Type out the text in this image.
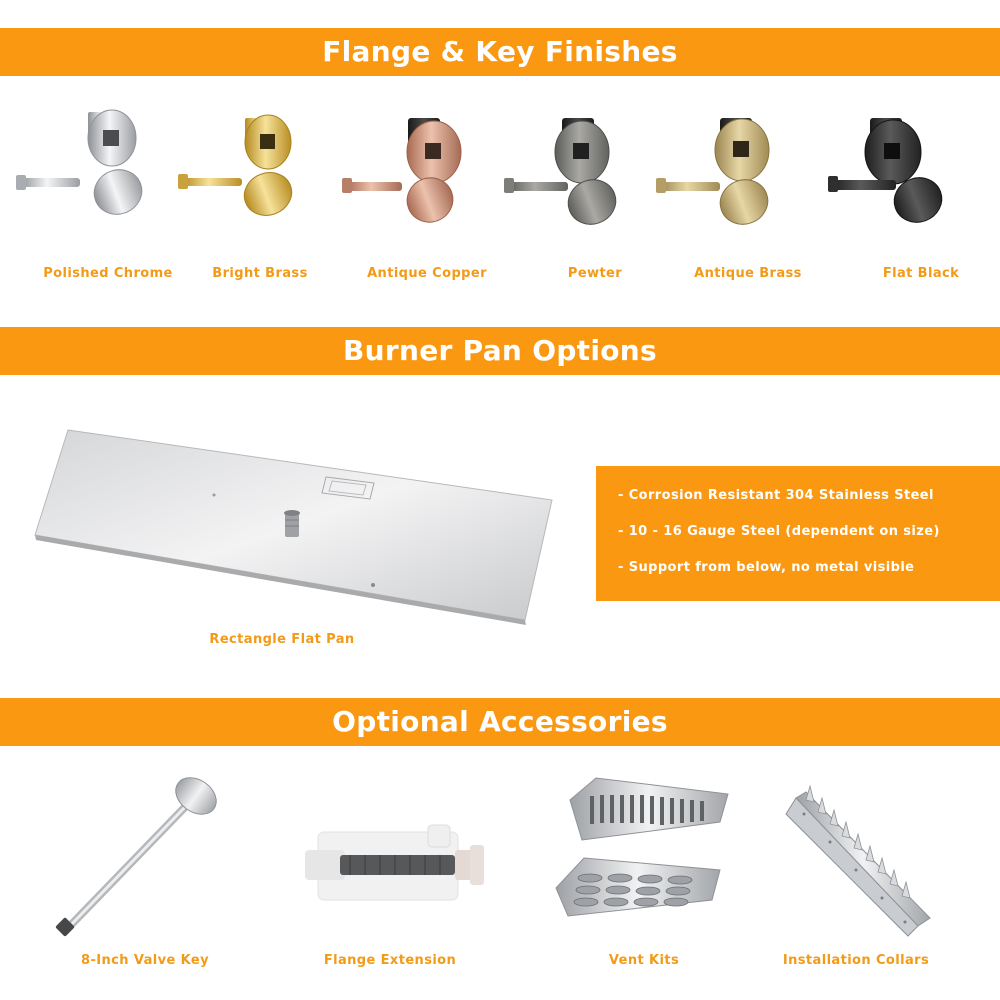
Flange & Key Finishes
Polished Chrome	Bright Brass	Antique Copper	Pewter	Antique Brass	Flat Black
Burner Pan Options
Rectangle Flat Pan
- Corrosion Resistant 304 Stainless Steel
- 10 - 16 Gauge Steel (dependent on size)
- Support from below, no metal visible
Optional Accessories
8-Inch Valve Key	Flange Extension	Vent Kits	Installation Collars
